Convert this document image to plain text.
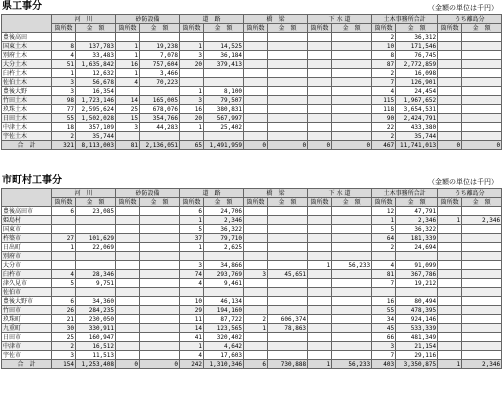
県工事分	（金額の単位は千円）
	河　川		砂防設備		道　路		橋　梁		下 水 道		土木事務所合計		うち離島分	
	箇所数	金　額	箇所数	金　額	箇所数	金　額	箇所数	金　額	箇所数	金　額	箇所数	金　額	箇所数	金　額
豊後高田											2	36,312		
国東土木	8	137,783	1	19,238	1	14,525					10	171,546		
別府土木	4	33,483	1	7,078	3	36,184					8	76,745		
大分土木	51	1,635,842	16	757,604	20	379,413					87	2,772,859		
臼杵土木	1	12,632	1	3,466							2	16,098		
佐伯土木	3	56,678	4	70,223							7	126,901		
豊後大野	3	16,354			1	8,100					4	24,454		
竹田土木	98	1,723,146	14	165,005	3	79,507					115	1,967,652		
玖珠土木	77	2,595,624	25	678,076	16	380,831					118	3,654,531		
日田土木	55	1,502,028	15	354,766	20	567,997					90	2,424,791		
中津土木	18	357,109	3	44,283	1	25,402					22	433,380		
宇佐土木	2	35,744									2	35,744		
合　計	321	8,113,003	81	2,136,051	65	1,491,959	0	0	0	0	467	11,741,013	0	0
市町村工事分	（金額の単位は千円）
	河　川		砂防設備		道　路		橋　梁		下 水 道		土木事務所合計		うち離島分	
	箇所数	金　額	箇所数	金　額	箇所数	金　額	箇所数	金　額	箇所数	金　額	箇所数	金　額	箇所数	金　額
豊後高田市	6	23,085			6	24,706					12	47,791		
姫島村					1	2,346					1	2,346	1	2,346
国東市					5	36,322					5	36,322		
杵築市	27	101,629			37	79,710					64	181,339		
日出町	1	22,069			1	2,625					2	24,694		
別府市														
大分市					3	34,866			1	56,233	4	91,099		
臼杵市	4	28,346			74	293,769	3	45,651			81	367,786		
津久見市	5	9,751			4	9,461					7	19,212		
佐伯市														
豊後大野市	6	34,360			10	46,134					16	80,494		
竹田市	26	284,235			29	194,160					55	478,395		
玖珠町	21	230,050			11	87,722	2	606,374			34	924,146		
九重町	30	330,911			14	123,565	1	78,863			45	533,339		
日田市	25	160,947			41	320,402					66	481,349		
中津市	2	16,512			1	4,642					3	21,154		
宇佐市	3	11,513			4	17,603					7	29,116		
合　計	154	1,253,408	0	0	242	1,310,346	6	730,888	1	56,233	403	3,350,875	1	2,346
